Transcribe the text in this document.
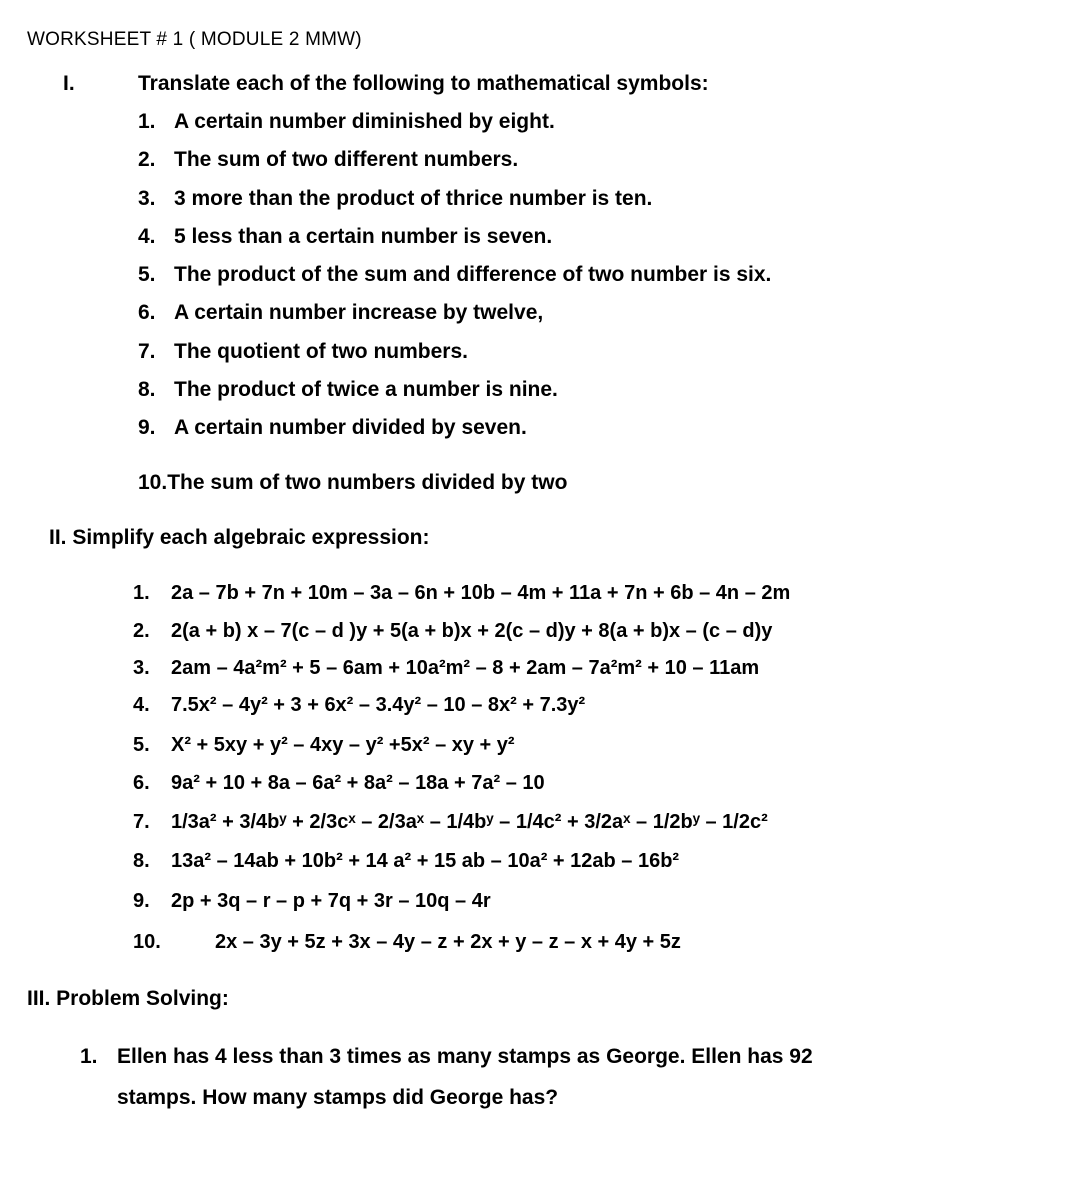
WORKSHEET # 1 ( MODULE 2 MMW)
I.	Translate each of the following to mathematical symbols:
1. A certain number diminished by eight.
2. The sum of two different numbers.
3. 3 more than the product of thrice number is ten.
4. 5 less than a certain number is seven.
5. The product of the sum and difference of two number is six.
6. A certain number increase by twelve,
7. The quotient of two numbers.
8. The product of twice a number is nine.
9. A certain number divided by seven.
10.The sum of two numbers divided by two
II. Simplify each algebraic expression:
1. 2a – 7b + 7n + 10m – 3a – 6n + 10b – 4m + 11a + 7n + 6b – 4n – 2m
2. 2(a + b) x – 7(c – d )y + 5(a + b)x + 2(c – d)y + 8(a + b)x – (c – d)y
3. 2am – 4a²m² + 5 – 6am + 10a²m² – 8 + 2am – 7a²m² + 10 – 11am
4. 7.5x² – 4y² + 3 + 6x² – 3.4y² – 10 – 8x² + 7.3y²
5. X² + 5xy + y² – 4xy – y² +5x² – xy + y²
6. 9a² + 10 + 8a – 6a² + 8a² – 18a + 7a² – 10
7. 1/3a² + 3/4bʸ + 2/3cˣ – 2/3aˣ – 1/4bʸ – 1/4c² + 3/2aˣ – 1/2bʸ – 1/2c²
8. 13a² – 14ab + 10b² + 14 a² + 15 ab – 10a² + 12ab – 16b²
9. 2p + 3q – r – p + 7q + 3r – 10q – 4r
10.	2x – 3y + 5z + 3x – 4y – z + 2x + y – z – x + 4y + 5z
III. Problem Solving:
1. Ellen has 4 less than 3 times as many stamps as George. Ellen has 92
stamps. How many stamps did George has?
